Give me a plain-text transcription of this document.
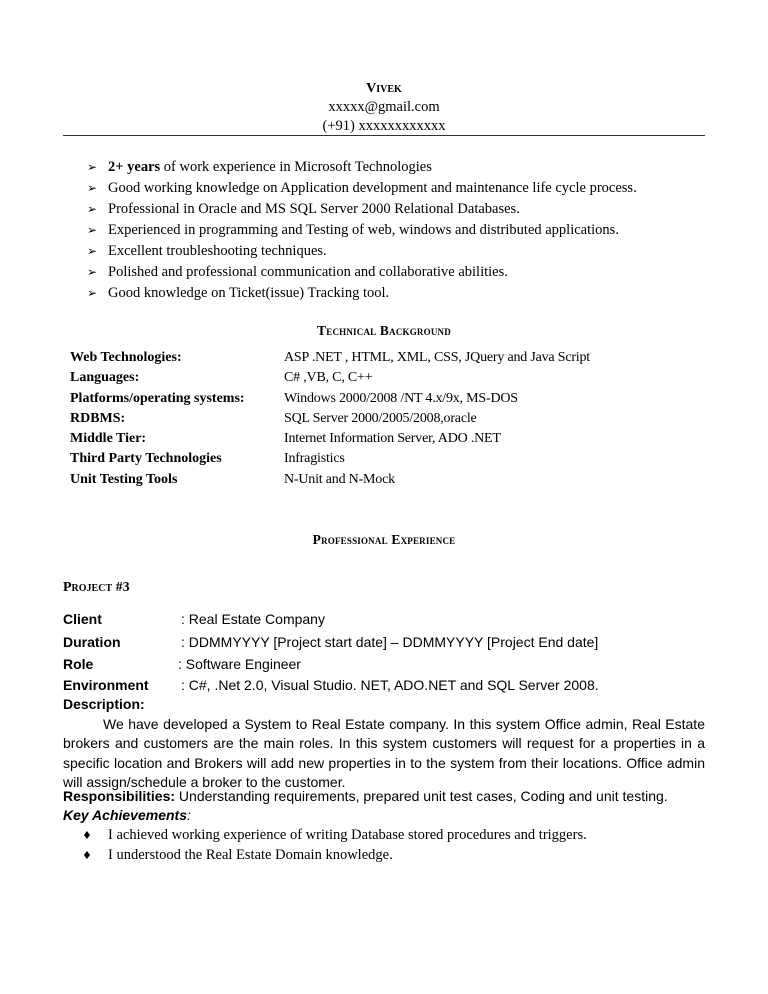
Vivek
xxxxx@gmail.com
(+91) xxxxxxxxxxxx
➢ 2+ years of work experience in Microsoft Technologies
➢ Good working knowledge on Application development and maintenance life cycle process.
➢ Professional in Oracle and MS SQL Server 2000 Relational Databases.
➢ Experienced in programming and Testing of web, windows and distributed applications.
➢ Excellent troubleshooting techniques.
➢ Polished and professional communication and collaborative abilities.
➢ Good knowledge on Ticket(issue) Tracking tool.
Technical Background
Web Technologies:	ASP .NET , HTML, XML, CSS, JQuery and Java Script
Languages:	C# ,VB, C, C++
Platforms/operating systems:	Windows 2000/2008 /NT 4.x/9x, MS-DOS
RDBMS:	SQL Server 2000/2005/2008,oracle
Middle Tier:	Internet Information Server, ADO .NET
Third Party Technologies	Infragistics
Unit Testing Tools	N-Unit and N-Mock
Professional Experience
Project #3
Client	: Real Estate Company
Duration	: DDMMYYYY [Project start date] – DDMMYYYY [Project End date]
Role	: Software Engineer
Environment : C#, .Net 2.0, Visual Studio. NET, ADO.NET and SQL Server 2008.
Description:
We have developed a System to Real Estate company. In this system Office admin, Real Estate brokers and customers are the main roles. In this system customers will request for a properties in a specific location and Brokers will add new properties in to the system from their locations. Office admin will assign/schedule a broker to the customer.
Responsibilities: Understanding requirements, prepared unit test cases, Coding and unit testing.
Key Achievements:
♦ I achieved working experience of writing Database stored procedures and triggers.
♦ I understood the Real Estate Domain knowledge.
